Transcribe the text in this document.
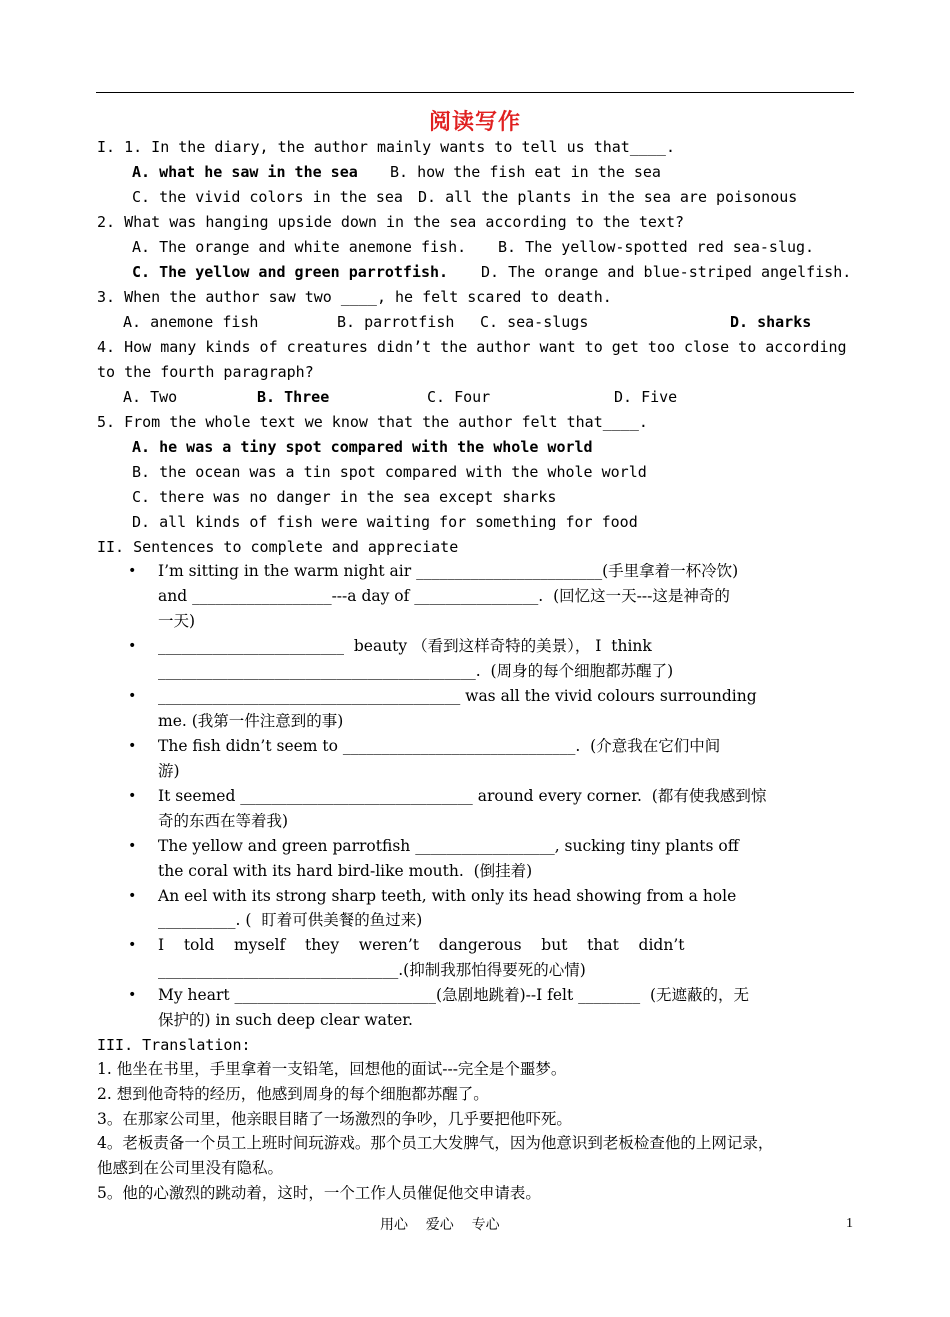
阅读写作
I. 1. In the diary, the author mainly wants to tell us that____.
A. what he saw in the sea B. how the fish eat in the sea
C. the vivid colors in the sea D. all the plants in the sea are poisonous
2. What was hanging upside down in the sea according to the text?
A. The orange and white anemone fish. B. The yellow-spotted red sea-slug.
C. The yellow and green parrotfish. D. The orange and blue-striped angelfish.
3. When the author saw two ____, he felt scared to death.
A. anemone fish	B. parrotfish C. sea-slugs	D. sharks
4. How many kinds of creatures didn’t the author want to get too close to according
to the fourth paragraph?
A. Two	B. Three	C. Four	D. Five
5. From the whole text we know that the author felt that____.
A. he was a tiny spot compared with the whole world
B. the ocean was a tin spot compared with the whole world
C. there was no danger in the sea except sharks
D. all kinds of fish were waiting for something for food
II. Sentences to complete and appreciate
• I’m sitting in the warm night air ________________________(手里拿着一杯冷饮)
and __________________---a day of ________________.  (回忆这一天---这是神奇的
一天)
• ________________________  beauty （看到这样奇特的美景）， I  think
_________________________________________.  (周身的每个细胞都苏醒了)
• _______________________________________ was all the vivid colours surrounding
me. (我第一件注意到的事)
• The fish didn’t seem to ______________________________.  (介意我在它们中间
游)
• It seemed ______________________________ around every corner.  (都有使我感到惊
奇的东西在等着我)
• The yellow and green parrotfish __________________, sucking tiny plants off
the coral with its hard bird-like mouth.  (倒挂着)
• An eel with its strong sharp teeth, with only its head showing from a hole
__________. (  盯着可供美餐的鱼过来)
• I    told    myself    they    weren’t    dangerous    but    that    didn’t
_______________________________.(抑制我那怕得要死的心情)
• My heart __________________________(急剧地跳着)--I felt ________  (无遮蔽的，无
保护的) in such deep clear water.
III. Translation:
1. 他坐在书里，手里拿着一支铅笔，回想他的面试---完全是个噩梦。
2. 想到他奇特的经历，他感到周身的每个细胞都苏醒了。
3。在那家公司里，他亲眼目睹了一场激烈的争吵，几乎要把他吓死。
4。老板责备一个员工上班时间玩游戏。那个员工大发脾气，因为他意识到老板检查他的上网记录，
他感到在公司里没有隐私。
5。他的心激烈的跳动着，这时，一个工作人员催促他交申请表。
用心    爱心    专心	1
